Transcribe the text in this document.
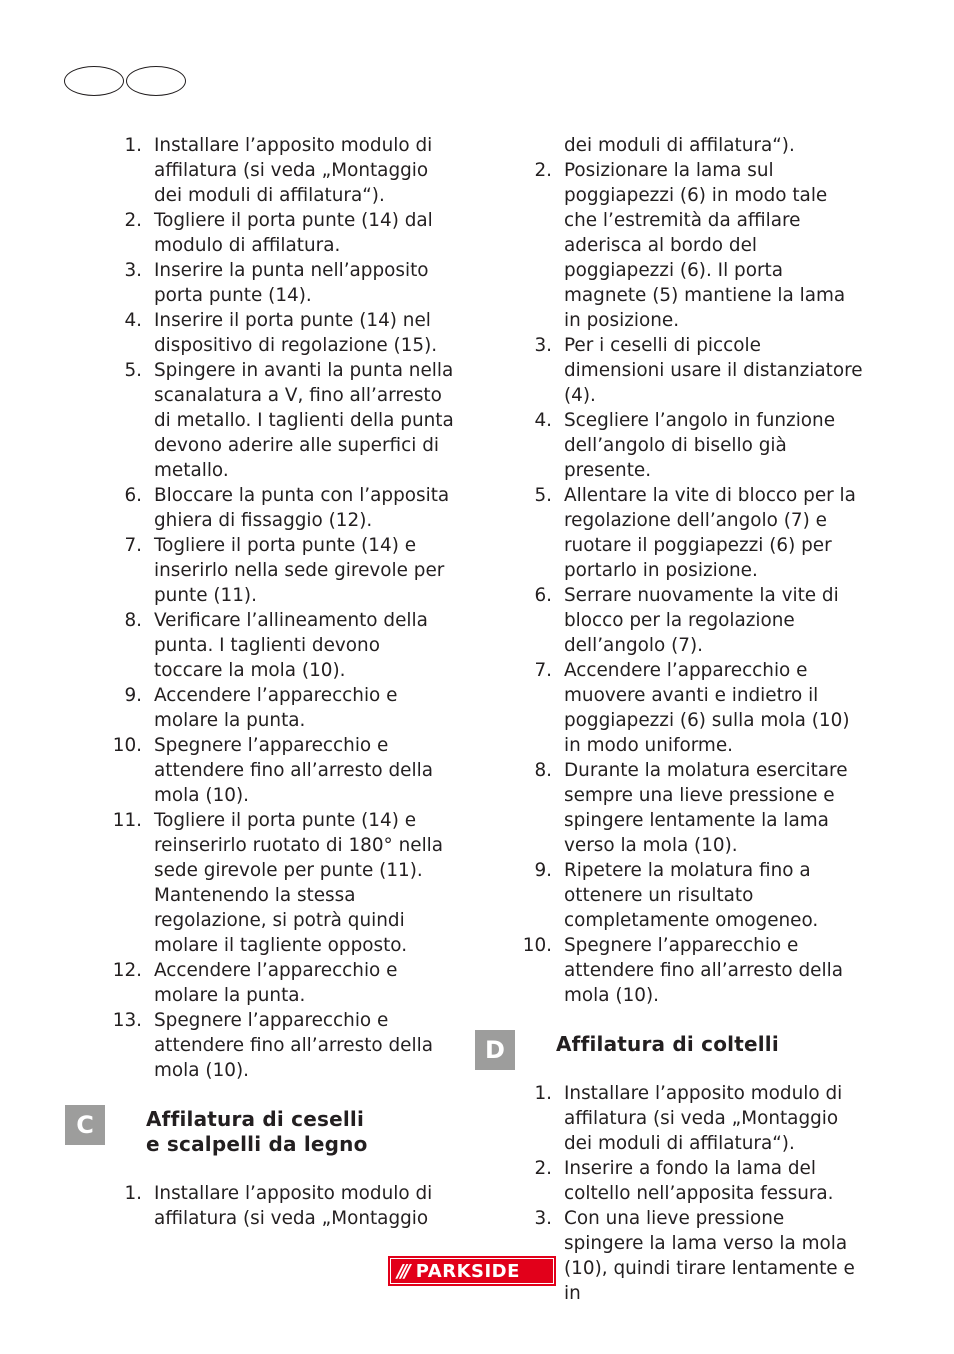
1. Installare l’apposito modulo di affilatura (si veda „Montaggio dei moduli di affilatura“).
2. Togliere il porta punte (14) dal modulo di affilatura.
3. Inserire la punta nell’apposito porta punte (14).
4. Inserire il porta punte (14) nel dispositivo di regolazione (15).
5. Spingere in avanti la punta nella scanalatura a V, fino all’arresto di metallo. I taglienti della punta devono aderire alle superfici di metallo.
6. Bloccare la punta con l’apposita ghiera di fissaggio (12).
7. Togliere il porta punte (14) e inserirlo nella sede girevole per punte (11).
8. Verificare l’allineamento della punta. I taglienti devono toccare la mola (10).
9. Accendere l’apparecchio e molare la punta.
10. Spegnere l’apparecchio e attendere fino all’arresto della mola (10).
11. Togliere il porta punte (14) e reinserirlo ruotato di 180° nella sede girevole per punte (11). Mantenendo la stessa regolazione, si potrà quindi molare il tagliente opposto.
12. Accendere l’apparecchio e molare la punta.
13. Spegnere l’apparecchio e attendere fino all’arresto della mola (10).
C	Affilatura di ceselli
e scalpelli da legno
1. Installare l’apposito modulo di affilatura (si veda „Montaggio
dei moduli di affilatura“).
2. Posizionare la lama sul poggiapezzi (6) in modo tale che l’estremità da affilare aderisca al bordo del poggiapezzi (6). Il porta magnete (5) mantiene la lama in posizione.
3. Per i ceselli di piccole dimensioni usare il distanziatore (4).
4. Scegliere l’angolo in funzione dell’angolo di bisello già presente.
5. Allentare la vite di blocco per la regolazione dell’angolo (7) e ruotare il poggiapezzi (6) per portarlo in posizione.
6. Serrare nuovamente la vite di blocco per la regolazione dell’angolo (7).
7. Accendere l’apparecchio e muovere avanti e indietro il poggiapezzi (6) sulla mola (10) in modo uniforme.
8. Durante la molatura esercitare sempre una lieve pressione e spingere lentamente la lama verso la mola (10).
9. Ripetere la molatura fino a ottenere un risultato completamente omogeneo.
10. Spegnere l’apparecchio e attendere fino all’arresto della mola (10).
D	Affilatura di coltelli
1. Installare l’apposito modulo di affilatura (si veda „Montaggio dei moduli di affilatura“).
2. Inserire a fondo la lama del coltello nell’apposita fessura.
3. Con una lieve pressione spingere la lama verso la mola (10), quindi tirare lentamente e in
/// PARKSIDE
